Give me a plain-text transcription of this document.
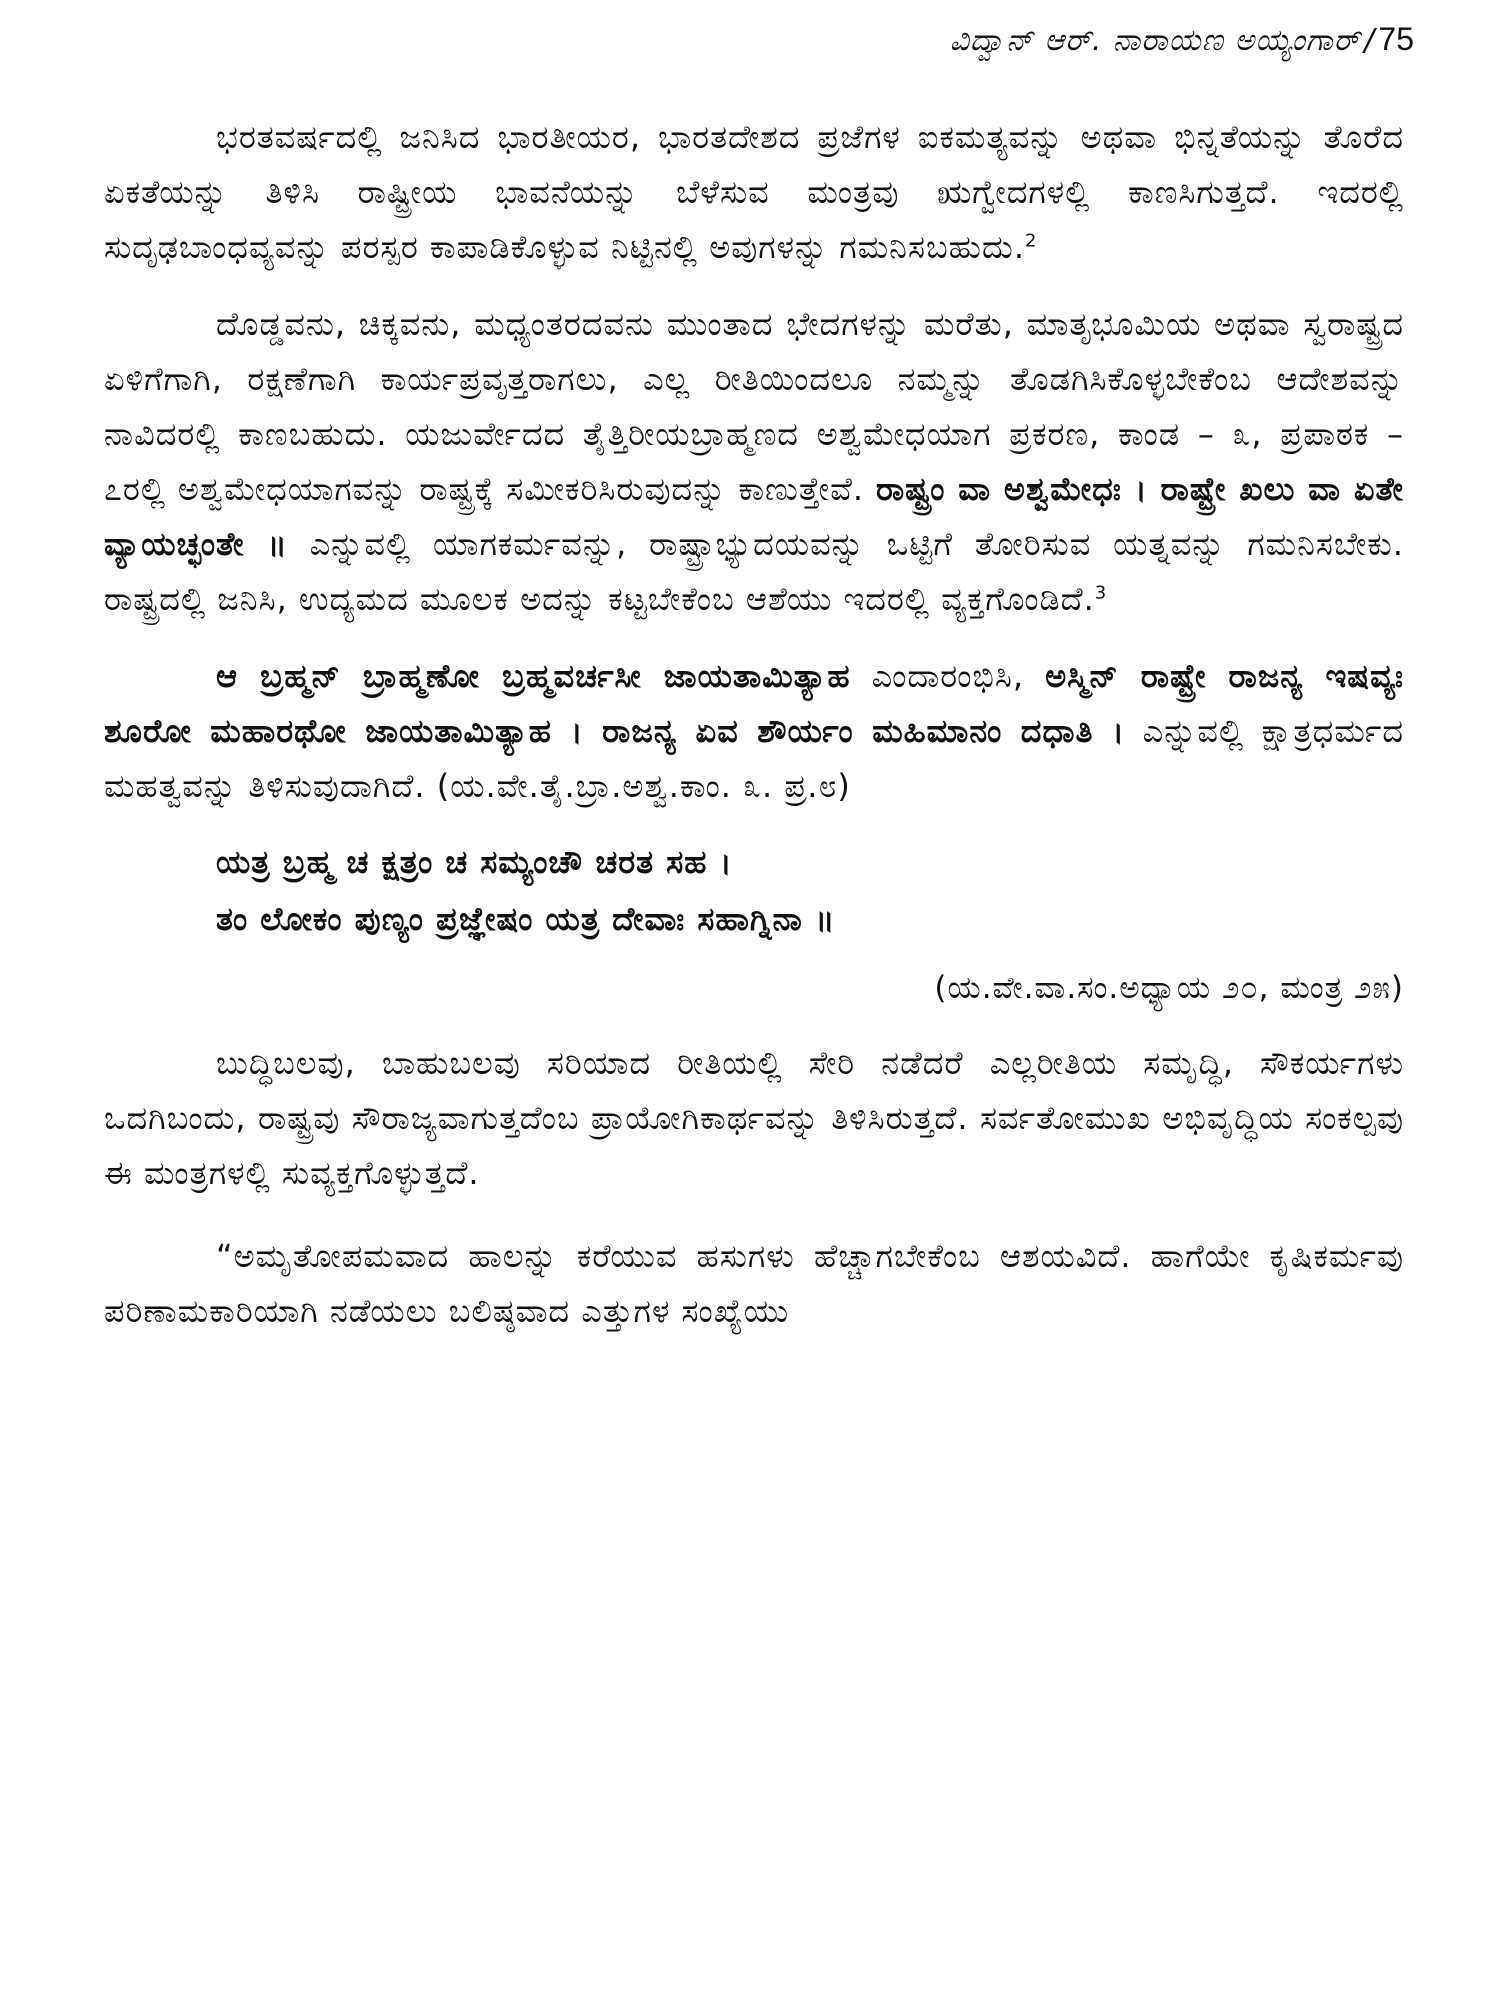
ವಿದ್ವಾನ್ ಆರ್. ನಾರಾಯಣ ಅಯ್ಯಂಗಾರ್ / 75

ಭರತವರ್ಷದಲ್ಲಿ ಜನಿಸಿದ ಭಾರತೀಯರ, ಭಾರತದೇಶದ ಪ್ರಜೆಗಳ ಐಕಮತ್ಯವನ್ನು ಅಥವಾ ಭಿನ್ನತೆಯನ್ನು ತೊರೆದ ಏಕತೆಯನ್ನು ತಿಳಿಸಿ ರಾಷ್ಟ್ರೀಯ ಭಾವನೆಯನ್ನು ಬೆಳೆಸುವ ಮಂತ್ರವು ಋಗ್ವೇದಗಳಲ್ಲಿ ಕಾಣಸಿಗುತ್ತದೆ. ಇದರಲ್ಲಿ ಸುದೃಢಬಾಂಧವ್ಯವನ್ನು ಪರಸ್ಪರ ಕಾಪಾಡಿಕೊಳ್ಳುವ ನಿಟ್ಟಿನಲ್ಲಿ ಅವುಗಳನ್ನು ಗಮನಿಸಬಹುದು.$^2$

ದೊಡ್ಡವನು, ಚಿಕ್ಕವನು, ಮಧ್ಯಂತರದವನು ಮುಂತಾದ ಭೇದಗಳನ್ನು ಮರೆತು, ಮಾತೃಭೂಮಿಯ ಅಥವಾ ಸ್ವರಾಷ್ಟ್ರದ ಏಳಿಗೆಗಾಗಿ, ರಕ್ಷಣೆಗಾಗಿ ಕಾರ್ಯಪ್ರವೃತ್ತರಾಗಲು, ಎಲ್ಲ ರೀತಿಯಿಂದಲೂ ನಮ್ಮನ್ನು ತೊಡಗಿಸಿಕೊಳ್ಳಬೇಕೆಂಬ ಆದೇಶವನ್ನು ನಾವಿದರಲ್ಲಿ ಕಾಣಬಹುದು. ಯಜುರ್ವೇದದ ತೈತ್ತಿರೀಯಬ್ರಾಹ್ಮಣದ ಅಶ್ವಮೇಧಯಾಗ ಪ್ರಕರಣ, ಕಾಂಡ – ೩, ಪ್ರಪಾಠಕ – ೭ರಲ್ಲಿ ಅಶ್ವಮೇಧಯಾಗವನ್ನು ರಾಷ್ಟ್ರಕ್ಕೆ ಸಮೀಕರಿಸಿರುವುದನ್ನು ಕಾಣುತ್ತೇವೆ. ರಾಷ್ಟ್ರಂ ವಾ ಅಶ್ವಮೇಧಃ । ರಾಷ್ಟ್ರೇ ಖಲು ವಾ ಏತೇ ವ್ಯಾಯಚ್ಛಂತೇ ॥ ಎನ್ನುವಲ್ಲಿ ಯಾಗಕರ್ಮವನ್ನು, ರಾಷ್ಟ್ರಾಭ್ಯುದಯವನ್ನು ಒಟ್ಟಿಗೆ ತೋರಿಸುವ ಯತ್ನವನ್ನು ಗಮನಿಸಬೇಕು. ರಾಷ್ಟ್ರದಲ್ಲಿ ಜನಿಸಿ, ಉದ್ಯಮದ ಮೂಲಕ ಅದನ್ನು ಕಟ್ಟಬೇಕೆಂಬ ಆಶೆಯು ಇದರಲ್ಲಿ ವ್ಯಕ್ತಗೊಂಡಿದೆ.$^3$

ಆ ಬ್ರಹ್ಮನ್ ಬ್ರಾಹ್ಮಣೋ ಬ್ರಹ್ಮವರ್ಚಸೀ ಜಾಯತಾಮಿತ್ಯಾಹ ಎಂದಾರಂಭಿಸಿ, ಅಸ್ಮಿನ್ ರಾಷ್ಟ್ರೇ ರಾಜನ್ಯ ಇಷವ್ಯಃ ಶೂರೋ ಮಹಾರಥೋ ಜಾಯತಾಮಿತ್ಯಾಹ । ರಾಜನ್ಯ ಏವ ಶೌರ್ಯಂ ಮಹಿಮಾನಂ ದಧಾತಿ । ಎನ್ನುವಲ್ಲಿ ಕ್ಷಾತ್ರಧರ್ಮದ ಮಹತ್ವವನ್ನು ತಿಳಿಸುವುದಾಗಿದೆ. (ಯ.ವೇ.ತೈ.ಬ್ರಾ.ಅಶ್ವ.ಕಾಂ. ೩. ಪ್ರ.೮)

ಯತ್ರ ಬ್ರಹ್ಮ ಚ ಕ್ಷತ್ರಂ ಚ ಸಮ್ಯಂಚೌ ಚರತ ಸಹ ।
ತಂ ಲೋಕಂ ಪುಣ್ಯಂ ಪ್ರಜ್ಞೇಷಂ ಯತ್ರ ದೇವಾಃ ಸಹಾಗ್ನಿನಾ ॥
(ಯ.ವೇ.ವಾ.ಸಂ.ಅಧ್ಯಾಯ ೨೦, ಮಂತ್ರ ೨೫)

ಬುದ್ಧಿಬಲವು, ಬಾಹುಬಲವು ಸರಿಯಾದ ರೀತಿಯಲ್ಲಿ ಸೇರಿ ನಡೆದರೆ ಎಲ್ಲರೀತಿಯ ಸಮೃದ್ಧಿ, ಸೌಕರ್ಯಗಳು ಒದಗಿಬಂದು, ರಾಷ್ಟ್ರವು ಸೌರಾಜ್ಯವಾಗುತ್ತದೆಂಬ ಪ್ರಾಯೋಗಿಕಾರ್ಥವನ್ನು ತಿಳಿಸಿರುತ್ತದೆ. ಸರ್ವತೋಮುಖ ಅಭಿವೃದ್ಧಿಯ ಸಂಕಲ್ಪವು ಈ ಮಂತ್ರಗಳಲ್ಲಿ ಸುವ್ಯಕ್ತಗೊಳ್ಳುತ್ತದೆ.

“ಅಮೃತೋಪಮವಾದ ಹಾಲನ್ನು ಕರೆಯುವ ಹಸುಗಳು ಹೆಚ್ಚಾಗಬೇಕೆಂಬ ಆಶಯವಿದೆ. ಹಾಗೆಯೇ ಕೃಷಿಕರ್ಮವು ಪರಿಣಾಮಕಾರಿಯಾಗಿ ನಡೆಯಲು ಬಲಿಷ್ಠವಾದ ಎತ್ತುಗಳ ಸಂಖ್ಯೆಯು
